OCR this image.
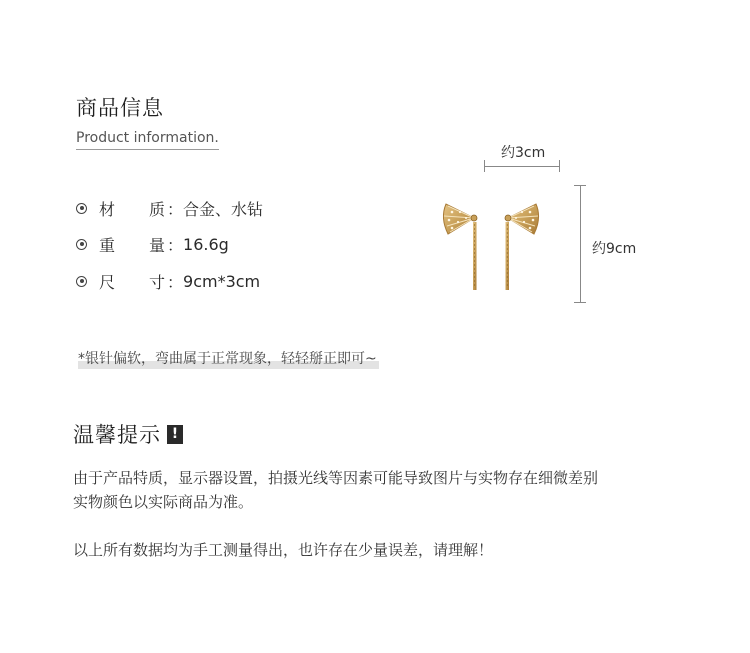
商品信息
Product information.
材 质 ： 合金、水钻
重 量 ： 16.6g
尺 寸 ： 9cm*3cm
约3cm
约9cm
*银针偏软，弯曲属于正常现象，轻轻掰正即可~
温馨提示 !
由于产品特质，显示器设置，拍摄光线等因素可能导致图片与实物存在细微差别
实物颜色以实际商品为准。
以上所有数据均为手工测量得出，也许存在少量误差，请理解！
